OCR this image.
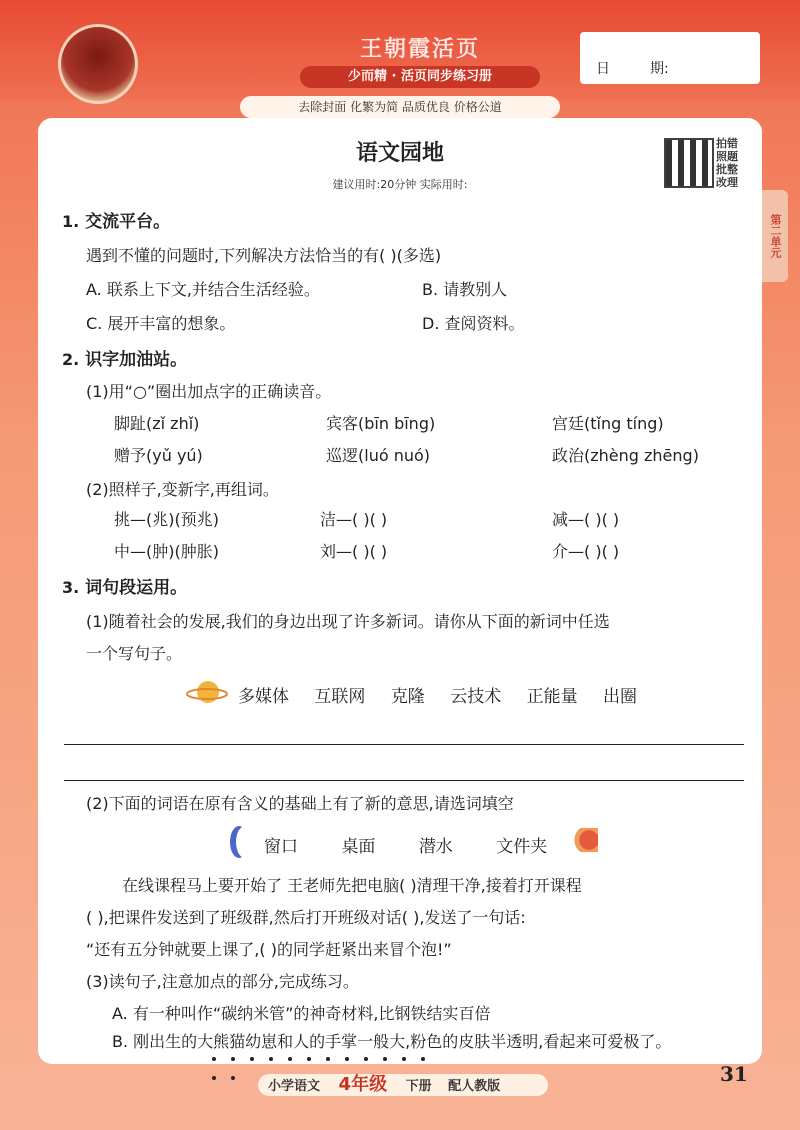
王朝霞活页
少而精 · 活页同步练习册	日	期:
去除封面 化繁为简 品质优良 价格公道
第二单元
语文园地
建议用时:20分钟 实际用时:
拍错
照题
批整
改理
1. 交流平台。
遇到不懂的问题时,下列解决方法恰当的有( )(多选)
A. 联系上下文,并结合生活经验。	B. 请教别人
C. 展开丰富的想象。	D. 查阅资料。
2. 识字加油站。
(1)用“○”圈出加点字的正确读音。
脚趾(zǐ zhǐ)	宾客(bīn bīng)	宫廷(tǐng tíng)
赠予(yǔ yú)	巡逻(luó nuó)	政治(zhèng zhēng)
(2)照样子,变新字,再组词。
挑—(兆)(预兆)	洁—( )( )	减—( )( )
中—(肿)(肿胀)	刘—( )( )	介—( )( )
3. 词句段运用。
(1)随着社会的发展,我们的身边出现了许多新词。请你从下面的新词中任选
一个写句子。
多媒体 互联网 克隆 云技术 正能量 出圈
(2)下面的词语在原有含义的基础上有了新的意思,请选词填空
窗口	桌面	潜水	文件夹
在线课程马上要开始了 王老师先把电脑( )清理干净,接着打开课程
( ),把课件发送到了班级群,然后打开班级对话( ),发送了一句话:
“还有五分钟就要上课了,( )的同学赶紧出来冒个泡!”
(3)读句子,注意加点的部分,完成练习。
A. 有一种叫作“碳纳米管”的神奇材料,比钢铁结实百倍
B. 刚出生的大熊猫幼崽和人的手掌一般大,粉色的皮肤半透明,看起来可爱极了。
小学语文 4年级 下册 配人教版
31
